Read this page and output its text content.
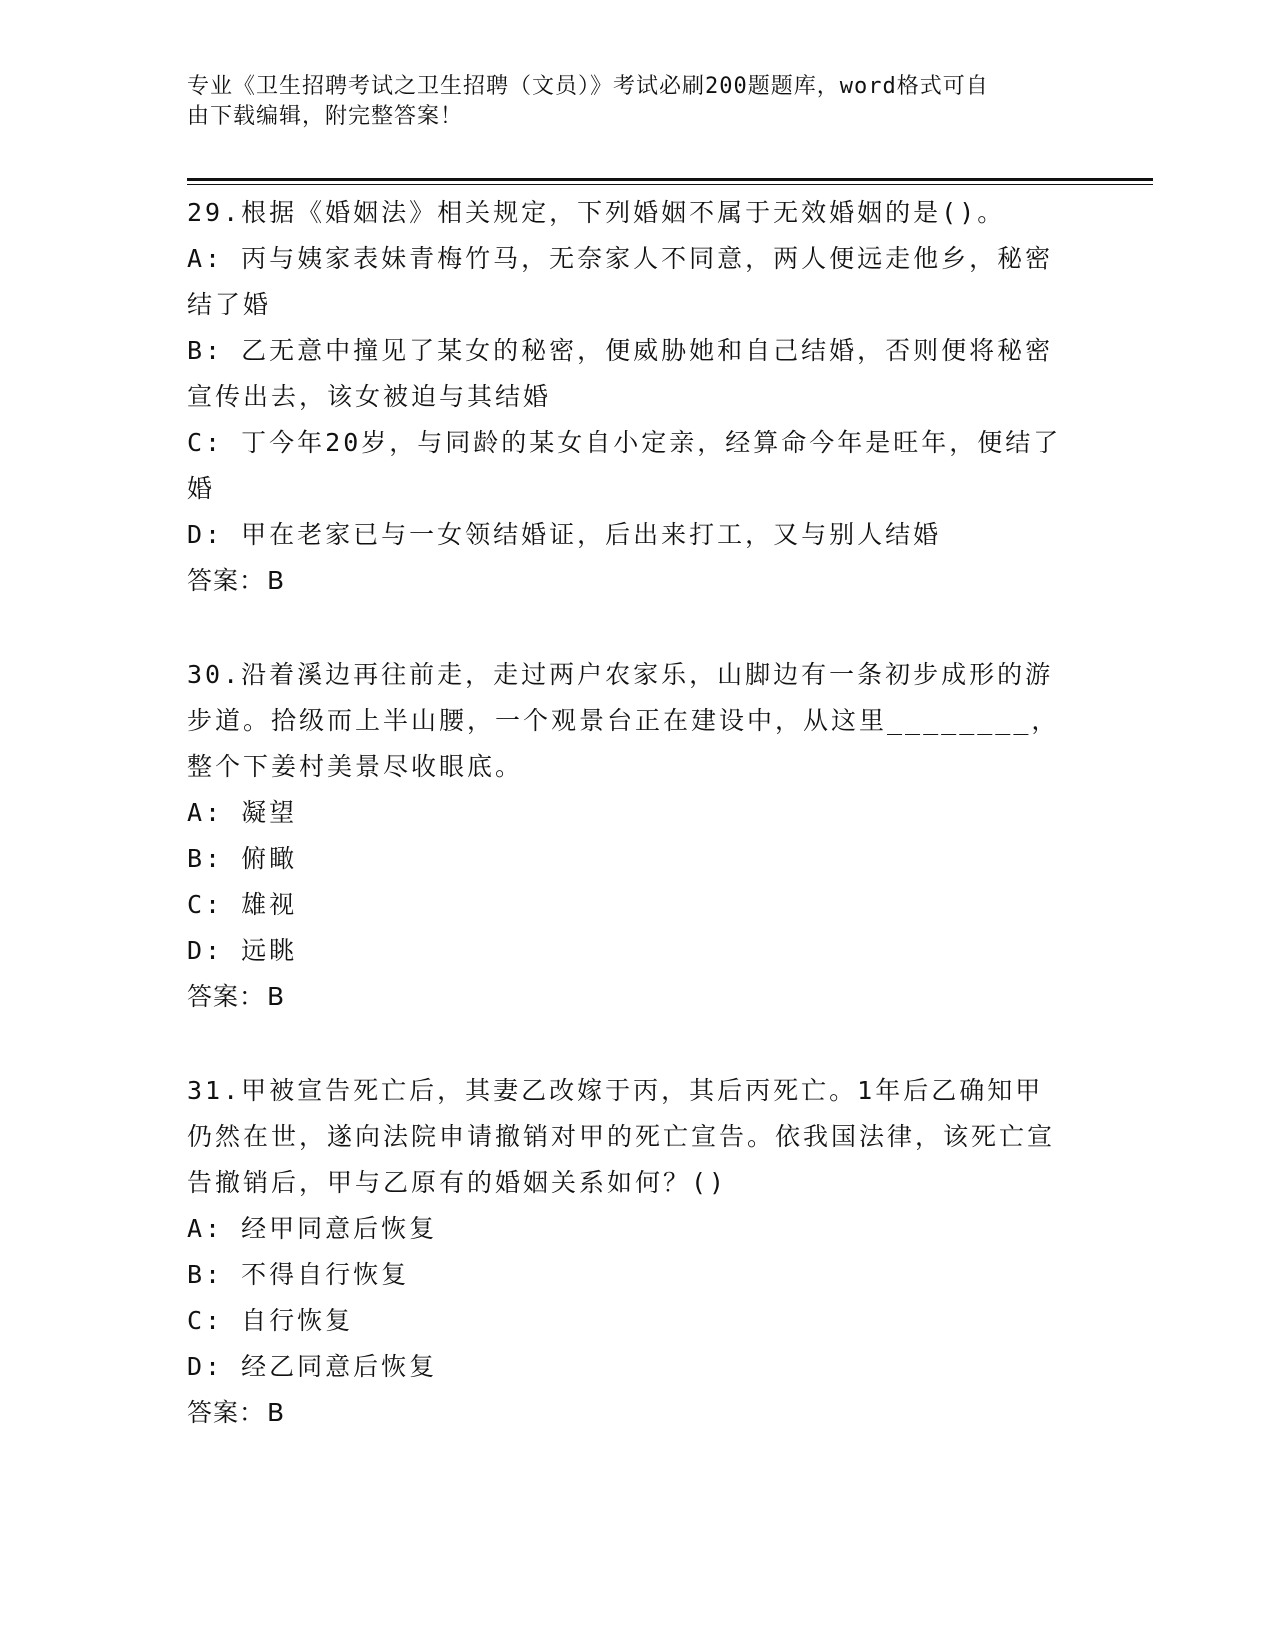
专业《卫生招聘考试之卫生招聘（文员）》考试必刷200题题库，word格式可自
由下载编辑，附完整答案！
29.根据《婚姻法》相关规定，下列婚姻不属于无效婚姻的是()。
A: 丙与姨家表妹青梅竹马，无奈家人不同意，两人便远走他乡，秘密结了婚
B: 乙无意中撞见了某女的秘密，便威胁她和自己结婚，否则便将秘密宣传出去，该女被迫与其结婚
C: 丁今年20岁，与同龄的某女自小定亲，经算命今年是旺年，便结了婚
D: 甲在老家已与一女领结婚证，后出来打工，又与别人结婚
答案：B
30.沿着溪边再往前走，走过两户农家乐，山脚边有一条初步成形的游步道。拾级而上半山腰，一个观景台正在建设中，从这里________，整个下姜村美景尽收眼底。
A: 凝望
B: 俯瞰
C: 雄视
D: 远眺
答案：B
31.甲被宣告死亡后，其妻乙改嫁于丙，其后丙死亡。1年后乙确知甲仍然在世，遂向法院申请撤销对甲的死亡宣告。依我国法律，该死亡宣告撤销后，甲与乙原有的婚姻关系如何？()
A: 经甲同意后恢复
B: 不得自行恢复
C: 自行恢复
D: 经乙同意后恢复
答案：B
